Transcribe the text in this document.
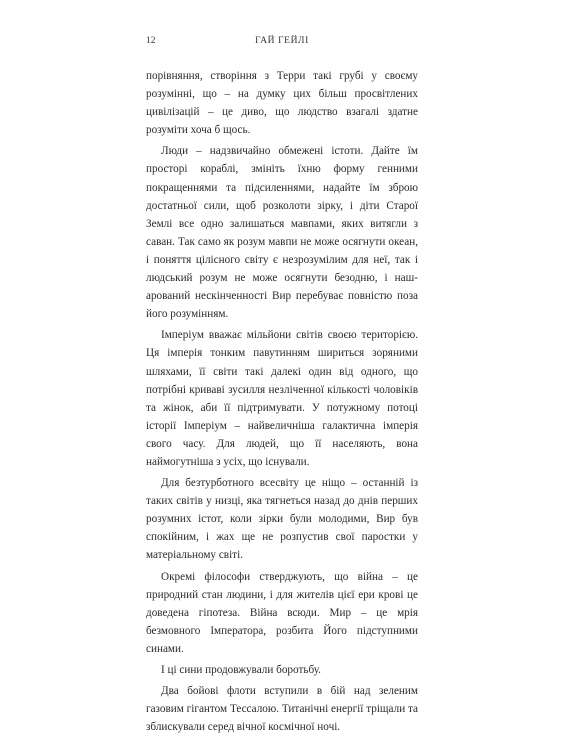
12	ГАЙ ГЕЙЛІ

порівняння, створіння з Терри такі грубі у своєму розумінні, що – на думку цих більш просвітлених цивілізацій – це диво, що людство взагалі здатне розуміти хоча б щось.

Люди – надзвичайно обмежені істоти. Дайте їм просторі кораблі, змініть їхню форму генними покращеннями та підсиленнями, надайте їм зброю достатньої сили, щоб розколоти зірку, і діти Старої Землі все одно залишаться мавпами, яких витягли з саван. Так само як розум мавпи не може осягнути океан, і поняття цілісного світу є незрозумілим для неї, так і людський розум не може осягнути безодню, і нашарований нескінченності Вир перебуває повністю поза його розумінням.

Імперіум вважає мільйони світів своєю територією. Ця імперія тонким павутинням шириться зоряними шляхами, її світи такі далекі один від одного, що потрібні криваві зусилля незліченної кількості чоловіків та жінок, аби її підтримувати. У потужному потоці історії Імперіум – найвеличніша галактична імперія свого часу. Для людей, що її населяють, вона наймогутніша з усіх, що існували.

Для безтурботного всесвіту це ніщо – останній із таких світів у низці, яка тягнеться назад до днів перших розумних істот, коли зірки були молодими, Вир був спокійним, і жах ще не розпустив свої паростки у матеріальному світі.

Окремі філософи стверджують, що війна – це природний стан людини, і для жителів цієї ери крові це доведена гіпотеза. Війна всюди. Мир – це мрія безмовного Імператора, розбита Його підступними синами.

І ці сини продовжували боротьбу.

Два бойові флоти вступили в бій над зеленим газовим гігантом Тессалою. Титанічні енергії тріщали та зблискували серед вічної космічної ночі.
